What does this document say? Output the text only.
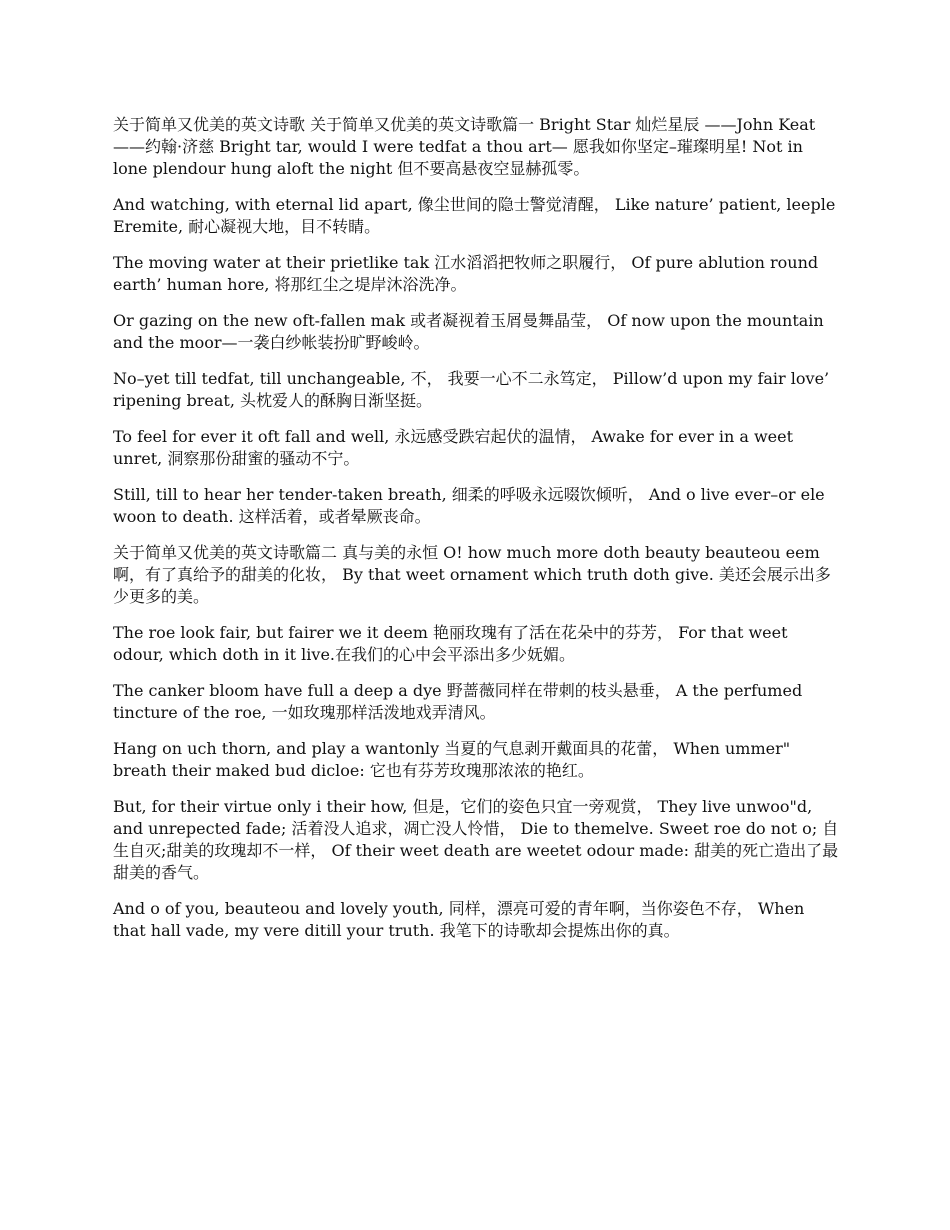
关于简单又优美的英文诗歌 关于简单又优美的英文诗歌篇一 Bright Star 灿烂星辰 ——John Keat ——约翰·济慈 Bright tar, would I were tedfat a thou art— 愿我如你坚定–璀璨明星! Not in lone plendour hung aloft the night 但不要高悬夜空显赫孤零。

And watching, with eternal lid apart, 像尘世间的隐士警觉清醒， Like nature’ patient, leeple Eremite, 耐心凝视大地，目不转睛。

The moving water at their prietlike tak 江水滔滔把牧师之职履行， Of pure ablution round earth’ human hore, 将那红尘之堤岸沐浴洗净。

Or gazing on the new oft-fallen mak 或者凝视着玉屑曼舞晶莹， Of now upon the mountain and the moor—一袭白纱帐装扮旷野峻岭。

No–yet till tedfat, till unchangeable, 不， 我要一心不二永笃定， Pillow’d upon my fair love’ ripening breat, 头枕爱人的酥胸日渐坚挺。

To feel for ever it oft fall and well, 永远感受跌宕起伏的温情， Awake for ever in a weet unret, 洞察那份甜蜜的骚动不宁。

Still, till to hear her tender-taken breath, 细柔的呼吸永远啜饮倾听， And o live ever–or ele woon to death. 这样活着，或者晕厥丧命。

关于简单又优美的英文诗歌篇二 真与美的永恒 O! how much more doth beauty beauteou eem 啊，有了真给予的甜美的化妆， By that weet ornament which truth doth give. 美还会展示出多少更多的美。

The roe look fair, but fairer we it deem 艳丽玫瑰有了活在花朵中的芬芳， For that weet odour, which doth in it live.在我们的心中会平添出多少妩媚。

The canker bloom have full a deep a dye 野蔷薇同样在带刺的枝头悬垂， A the perfumed tincture of the roe, 一如玫瑰那样活泼地戏弄清风。

Hang on uch thorn, and play a wantonly 当夏的气息剥开戴面具的花蕾， When ummer" breath their maked bud dicloe: 它也有芬芳玫瑰那浓浓的艳红。

But, for their virtue only i their how, 但是，它们的姿色只宜一旁观赏， They live unwoo"d, and unrepected fade; 活着没人追求，凋亡没人怜惜， Die to themelve. Sweet roe do not o; 自生自灭;甜美的玫瑰却不一样， Of their weet death are weetet odour made: 甜美的死亡造出了最甜美的香气。

And o of you, beauteou and lovely youth, 同样，漂亮可爱的青年啊，当你姿色不存， When that hall vade, my vere ditill your truth. 我笔下的诗歌却会提炼出你的真。
